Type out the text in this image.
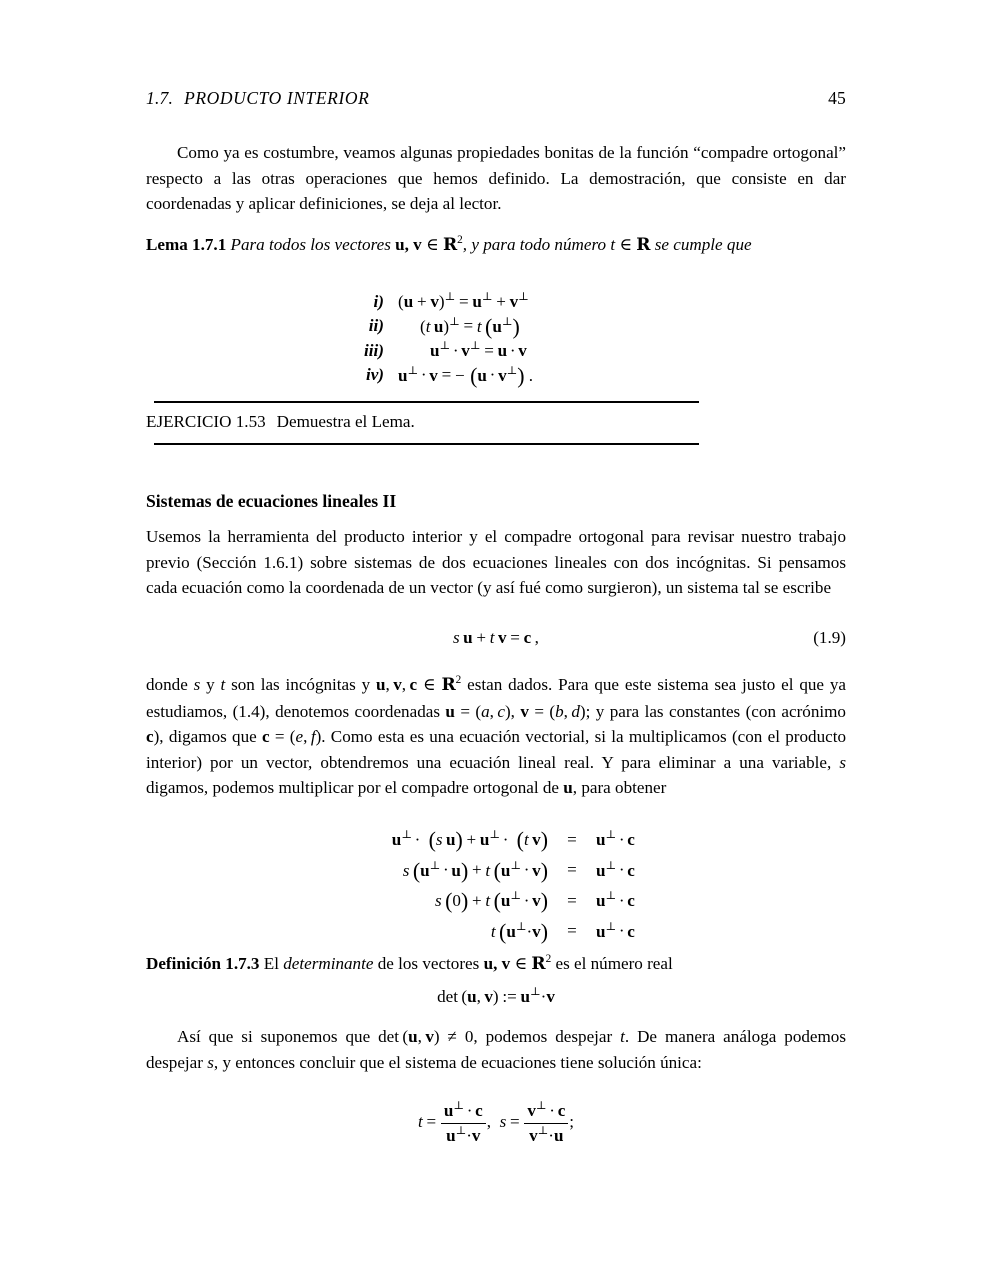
1.7. PRODUCTO INTERIOR	45

Como ya es costumbre, veamos algunas propiedades bonitas de la función “compadre ortogonal” respecto a las otras operaciones que hemos definido. La demostración, que consiste en dar coordenadas y aplicar definiciones, se deja al lector.

Lema 1.7.1 Para todos los vectores u, v ∈ $R^2$, y para todo número t ∈ R se cumple que

i) (u + v)⊥ = u⊥ + v⊥
ii)	(t  u)⊥ = t  (u⊥)
iii)	u⊥ · v⊥ = u · v
iv) u⊥ · v = − (u · v⊥) .
EJERCICIO 1.53 Demuestra el Lema.
Sistemas de ecuaciones lineales II

Usemos la herramienta del producto interior y el compadre ortogonal para revisar nuestro trabajo previo (Sección 1.6.1) sobre sistemas de dos ecuaciones lineales con dos incógnitas. Si pensamos cada ecuación como la coordenada de un vector (y así fué como surgieron), un sistema tal se escribe

s  u + t  v = c ,	(1.9)

donde s y t son las incógnitas y u, v, c ∈ $R^2$ estan dados. Para que este sistema sea justo el que ya estudiamos, (1.4), denotemos coordenadas u = (a, c), v = (b, d); y para las constantes (con acrónimo c), digamos que c = (e, f). Como esta es una ecuación vectorial, si la multiplicamos (con el producto interior) por un vector, obtendremos una ecuación lineal real. Y para eliminar a una variable, s digamos, podemos multiplicar por el compadre ortogonal de u, para obtener

u⊥ · (s  u) + u⊥ · (t  v)	=	u⊥ · c
s  (u⊥ · u) + t  (u⊥ · v)	=	u⊥ · c
s  (0) + t  (u⊥ · v)	=	u⊥ · c
t  (u⊥·v)	=	u⊥ · c

Definición 1.7.3 El determinante de los vectores u, v ∈ $R^2$ es el número real

det (u, v) := u⊥·v

Así que si suponemos que det (u, v) ≠ 0, podemos despejar t. De manera análoga podemos despejar s, y entonces concluir que el sistema de ecuaciones tiene solución única:

$t = \frac{u^\perp \cdot c}{u^\perp\cdot v}$ , $s = \frac{v^\perp \cdot c}{v^\perp\cdot u}$ ;
